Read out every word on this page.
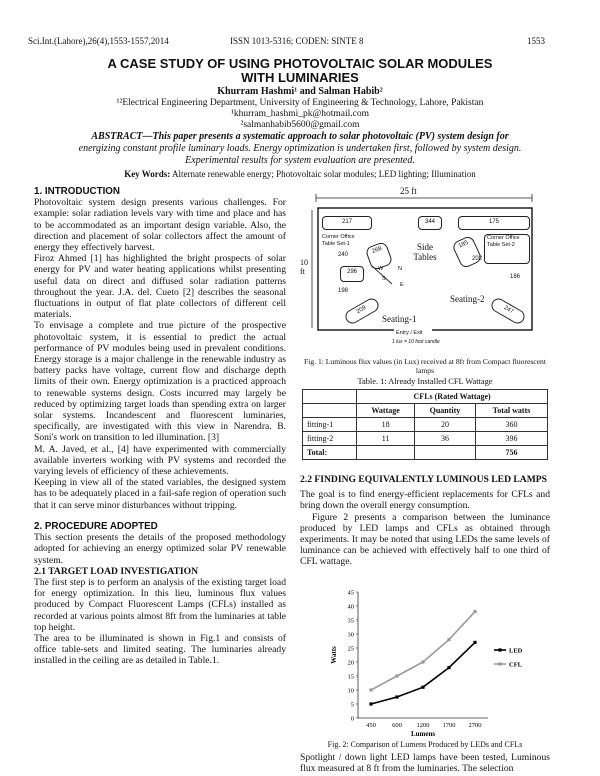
Sci.Int.(Lahore),26(4),1553-1557,2014	ISSN 1013-5316; CODEN: SINTE 8	1553
A CASE STUDY OF USING PHOTOVOLTAIC SOLAR MODULES
WITH LUMINARIES
Khurram Hashmi¹ and Salman Habib²
¹²Electrical Engineering Department, University of Engineering & Technology, Lahore, Pakistan
¹khurram_hashmi_pk@hotmail.com
²salmanhabib5600@gmail.com
ABSTRACT—This paper presents a systematic approach to solar photovoltaic (PV) system design for
energizing constant profile luminary loads. Energy optimization is undertaken first, followed by system design.
Experimental results for system evaluation are presented.
Key Words: Alternate renewable energy; Photovoltaic solar modules; LED lighting; Illumination

1. INTRODUCTION

Photovoltaic system design presents various challenges. For example: solar radiation levels vary with time and place and has to be accommodated as an important design variable. Also, the direction and placement of solar collectors affect the amount of energy they effectively harvest.

Firoz Ahmed [1] has highlighted the bright prospects of solar energy for PV and water heating applications whilst presenting useful data on direct and diffused solar radiation patterns throughout the year. J.A. del. Cueto [2] describes the seasonal fluctuations in output of flat plate collectors of different cell materials.

To envisage a complete and true picture of the prospective photovoltaic system, it is essential to predict the actual performance of PV modules being used in prevalent conditions. Energy storage is a major challenge in the renewable industry as battery packs have voltage, current flow and discharge depth limits of their own. Energy optimization is a practiced approach to renewable systems design. Costs incurred may largely be reduced by optimizing target loads than spending extra on larger solar systems. Incandescent and fluorescent luminaries, specifically, are investigated with this view in Narendra. B. Soni's work on transition to led illumination. [3]

M. A. Javed, et al., [4] have experimented with commercially available inverters working with PV systems and recorded the varying levels of efficiency of these achievements.

Keeping in view all of the stated variables, the designed system has to be adequately placed in a fail-safe region of operation such that it can serve minor disturbances without tripping.

2. PROCEDURE ADOPTED

This section presents the details of the proposed methodology adopted for achieving an energy optimized solar PV renewable system.

2.1 TARGET LOAD INVESTIGATION

The first step is to perform an analysis of the existing target load for energy optimization. In this lieu, luminous flux values produced by Compact Fluorescent Lamps (CFLs) installed as recorded at various points almost 8ft from the luminaries at table top height.

The area to be illuminated is shown in Fig.1 and consists of office table-sets and limited seating. The luminaries already installed in the ceiling are as detailed in Table.1.

25 ft
10 ft
217	344	175
Corner Office Table Set-1
240
268	Side Tables
296
185
202
Corner Office Table Set-2
198
W	N
S
E
209
Seating-1
Seating-2
186
247
Entry / Exit
1 lux = 10 foot candle
Fig. 1: Luminous flux values (in Lux) received at 8ft from Compact fluorescent lamps
Table. 1: Already Installed CFL Wattage
	CFLs (Rated Wattage)		
	Wattage	Quantity	Total watts
fitting-1	18	20	360
fitting-2	11	36	396
Total:			756

2.2 FINDING EQUIVALENTLY LUMINOUS LED LAMPS

The goal is to find energy-efficient replacements for CFLs and bring down the overall energy consumption.

Figure 2 presents a comparison between the luminance produced by LED lamps and CFLs as obtained through experiments. It may be noted that using LEDs the same levels of luminance can be achieved with effectively half to one third of CFL wattage.

0
5
10
15
20
25
30
35
40
45
450	600 1200 1700 2700
LED
CFL
Watts
Lumens
Fig. 2: Comparison of Lumens Produced by LEDs and CFLs

Spotlight / down light LED lamps have been tested, Luminous flux measured at 8 ft from the luminaries. The selection
